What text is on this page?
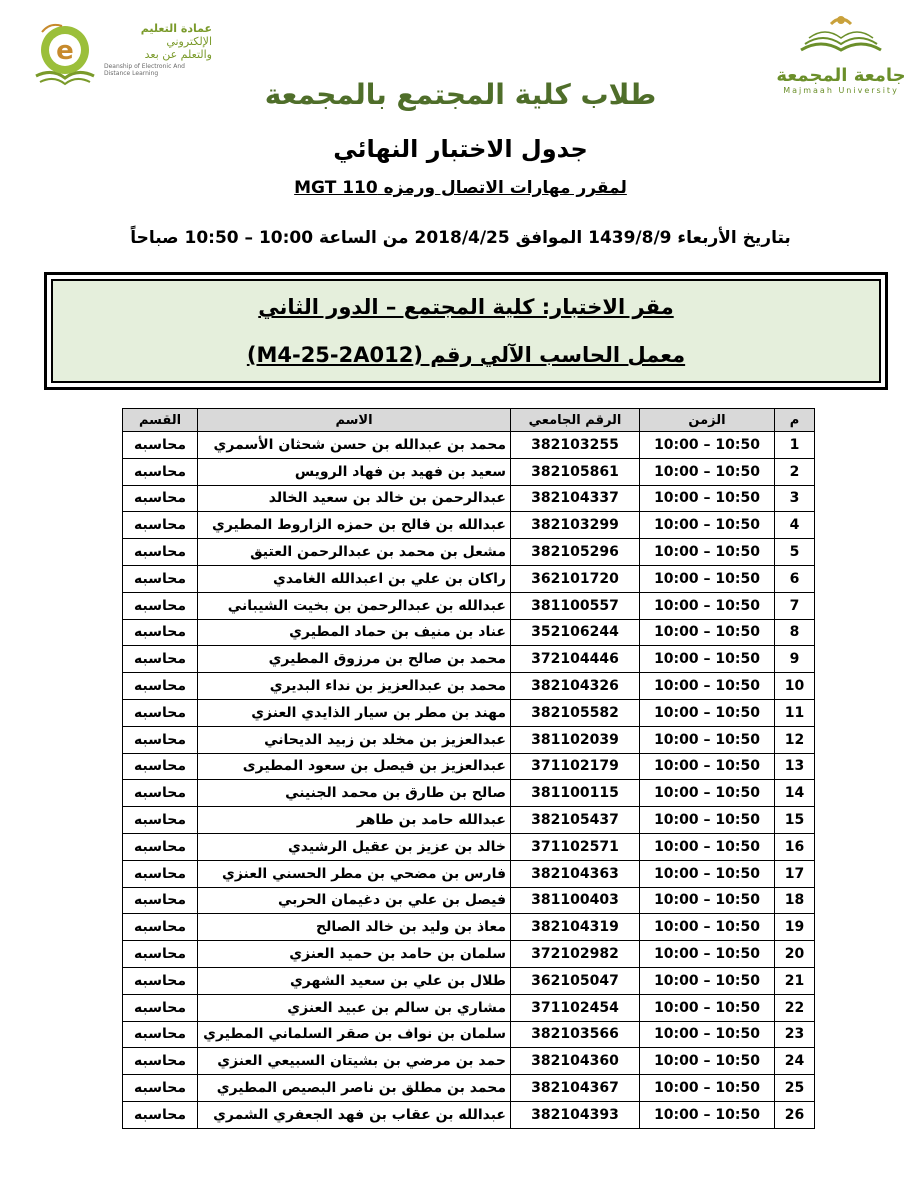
e
عمادة التعليم
الإلكتروني
والتعلم عن بعد
Deanship of Electronic And Distance Learning	جامعة المجمعة
Majmaah University
طلاب كلية المجتمع بالمجمعة
جدول الاختبار النهائي
لمقرر مهارات الاتصال ورمزه MGT 110
بتاريخ الأربعاء 1439/8/9 الموافق 2018/4/25 من الساعة 10:00 – 10:50 صباحاً
مقر الاختبار: كلية المجتمع – الدور الثاني
معمل الحاسب الآلي رقم (M4-25-2A012)
م	الزمن	الرقم الجامعي	الاسم	القسم
1	10:00 – 10:50	382103255	محمد بن عبدالله بن حسن شحثان الأسمري	محاسبه
2	10:00 – 10:50	382105861	سعيد بن فهيد بن فهاد الرويس	محاسبه
3	10:00 – 10:50	382104337	عبدالرحمن بن خالد بن سعيد الخالد	محاسبه
4	10:00 – 10:50	382103299	عبدالله بن فالح بن حمزه الزاروط المطيري	محاسبه
5	10:00 – 10:50	382105296	مشعل بن محمد بن عبدالرحمن العتيق	محاسبه
6	10:00 – 10:50	362101720	راكان بن علي بن اعبدالله الغامدي	محاسبه
7	10:00 – 10:50	381100557	عبدالله بن عبدالرحمن بن بخيت الشيباني	محاسبه
8	10:00 – 10:50	352106244	عناد بن منيف بن حماد المطيري	محاسبه
9	10:00 – 10:50	372104446	محمد بن صالح بن مرزوق المطيري	محاسبه
10	10:00 – 10:50	382104326	محمد بن عبدالعزيز بن نداء البديري	محاسبه
11	10:00 – 10:50	382105582	مهند بن مطر بن سيار الذايدي العنزي	محاسبه
12	10:00 – 10:50	381102039	عبدالعزيز بن مخلد بن زبيد الديحاني	محاسبه
13	10:00 – 10:50	371102179	عبدالعزيز بن فيصل بن سعود المطيرى	محاسبه
14	10:00 – 10:50	381100115	صالح بن طارق بن محمد الجنيني	محاسبه
15	10:00 – 10:50	382105437	عبدالله حامد بن طاهر	محاسبه
16	10:00 – 10:50	371102571	خالد بن عزيز بن عقيل الرشيدي	محاسبه
17	10:00 – 10:50	382104363	فارس بن مضحي بن مطر الحسني العنزي	محاسبه
18	10:00 – 10:50	381100403	فيصل بن علي بن دغيمان الحربي	محاسبه
19	10:00 – 10:50	382104319	معاذ بن وليد بن خالد الصالح	محاسبه
20	10:00 – 10:50	372102982	سلمان بن حامد بن حميد العنزي	محاسبه
21	10:00 – 10:50	362105047	طلال بن علي بن سعيد الشهري	محاسبه
22	10:00 – 10:50	371102454	مشاري بن سالم بن عبيد العنزي	محاسبه
23	10:00 – 10:50	382103566	سلمان بن نواف بن صقر السلماني المطيري	محاسبه
24	10:00 – 10:50	382104360	حمد بن مرضي بن بشيتان السبيعي العنزي	محاسبه
25	10:00 – 10:50	382104367	محمد بن مطلق بن ناصر البصيص المطيري	محاسبه
26	10:00 – 10:50	382104393	عبدالله بن عقاب بن فهد الجعفري الشمري	محاسبه
